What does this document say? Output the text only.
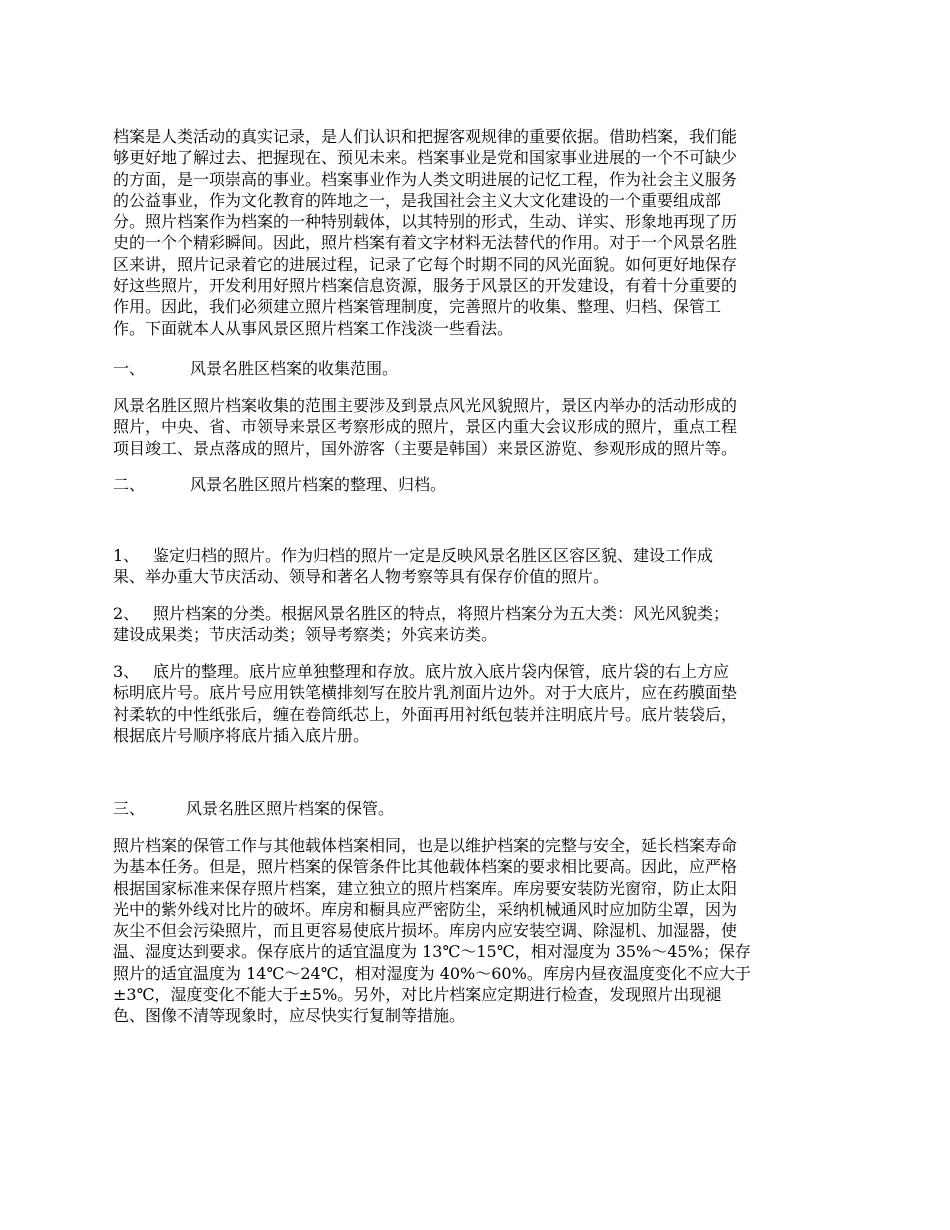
档案是人类活动的真实记录，是人们认识和把握客观规律的重要依据。借助档案，我们能
够更好地了解过去、把握现在、预见未来。档案事业是党和国家事业进展的一个不可缺少
的方面，是一项崇高的事业。档案事业作为人类文明进展的记忆工程，作为社会主义服务
的公益事业，作为文化教育的阵地之一，是我国社会主义大文化建设的一个重要组成部
分。照片档案作为档案的一种特别载体，以其特别的形式，生动、详实、形象地再现了历
史的一个个精彩瞬间。因此，照片档案有着文字材料无法替代的作用。对于一个风景名胜
区来讲，照片记录着它的进展过程，记录了它每个时期不同的风光面貌。如何更好地保存
好这些照片，开发利用好照片档案信息资源，服务于风景区的开发建设，有着十分重要的
作用。因此，我们必须建立照片档案管理制度，完善照片的收集、整理、归档、保管工
作。下面就本人从事风景区照片档案工作浅淡一些看法。
一、	风景名胜区档案的收集范围。
风景名胜区照片档案收集的范围主要涉及到景点风光风貌照片，景区内举办的活动形成的
照片，中央、省、市领导来景区考察形成的照片，景区内重大会议形成的照片，重点工程
项目竣工、景点落成的照片，国外游客（主要是韩国）来景区游览、参观形成的照片等。
二、	风景名胜区照片档案的整理、归档。
1、 鉴定归档的照片。作为归档的照片一定是反映风景名胜区区容区貌、建设工作成
果、举办重大节庆活动、领导和著名人物考察等具有保存价值的照片。
2、 照片档案的分类。根据风景名胜区的特点，将照片档案分为五大类：风光风貌类；
建设成果类；节庆活动类；领导考察类；外宾来访类。
3、 底片的整理。底片应单独整理和存放。底片放入底片袋内保管，底片袋的右上方应
标明底片号。底片号应用铁笔横排刻写在胶片乳剂面片边外。对于大底片，应在药膜面垫
衬柔软的中性纸张后，缠在卷筒纸芯上，外面再用衬纸包装并注明底片号。底片装袋后，
根据底片号顺序将底片插入底片册。
三、	风景名胜区照片档案的保管。
照片档案的保管工作与其他载体档案相同，也是以维护档案的完整与安全，延长档案寿命
为基本任务。但是，照片档案的保管条件比其他载体档案的要求相比要高。因此，应严格
根据国家标准来保存照片档案，建立独立的照片档案库。库房要安装防光窗帘，防止太阳
光中的紫外线对比片的破坏。库房和橱具应严密防尘，采纳机械通风时应加防尘罩，因为
灰尘不但会污染照片，而且更容易使底片损坏。库房内应安装空调、除湿机、加湿器，使
温、湿度达到要求。保存底片的适宜温度为 13℃～15℃，相对湿度为 35%～45%；保存
照片的适宜温度为 14℃～24℃，相对湿度为 40%～60%。库房内昼夜温度变化不应大于
±3℃，湿度变化不能大于±5%。另外，对比片档案应定期进行检查，发现照片出现褪
色、图像不清等现象时，应尽快实行复制等措施。
